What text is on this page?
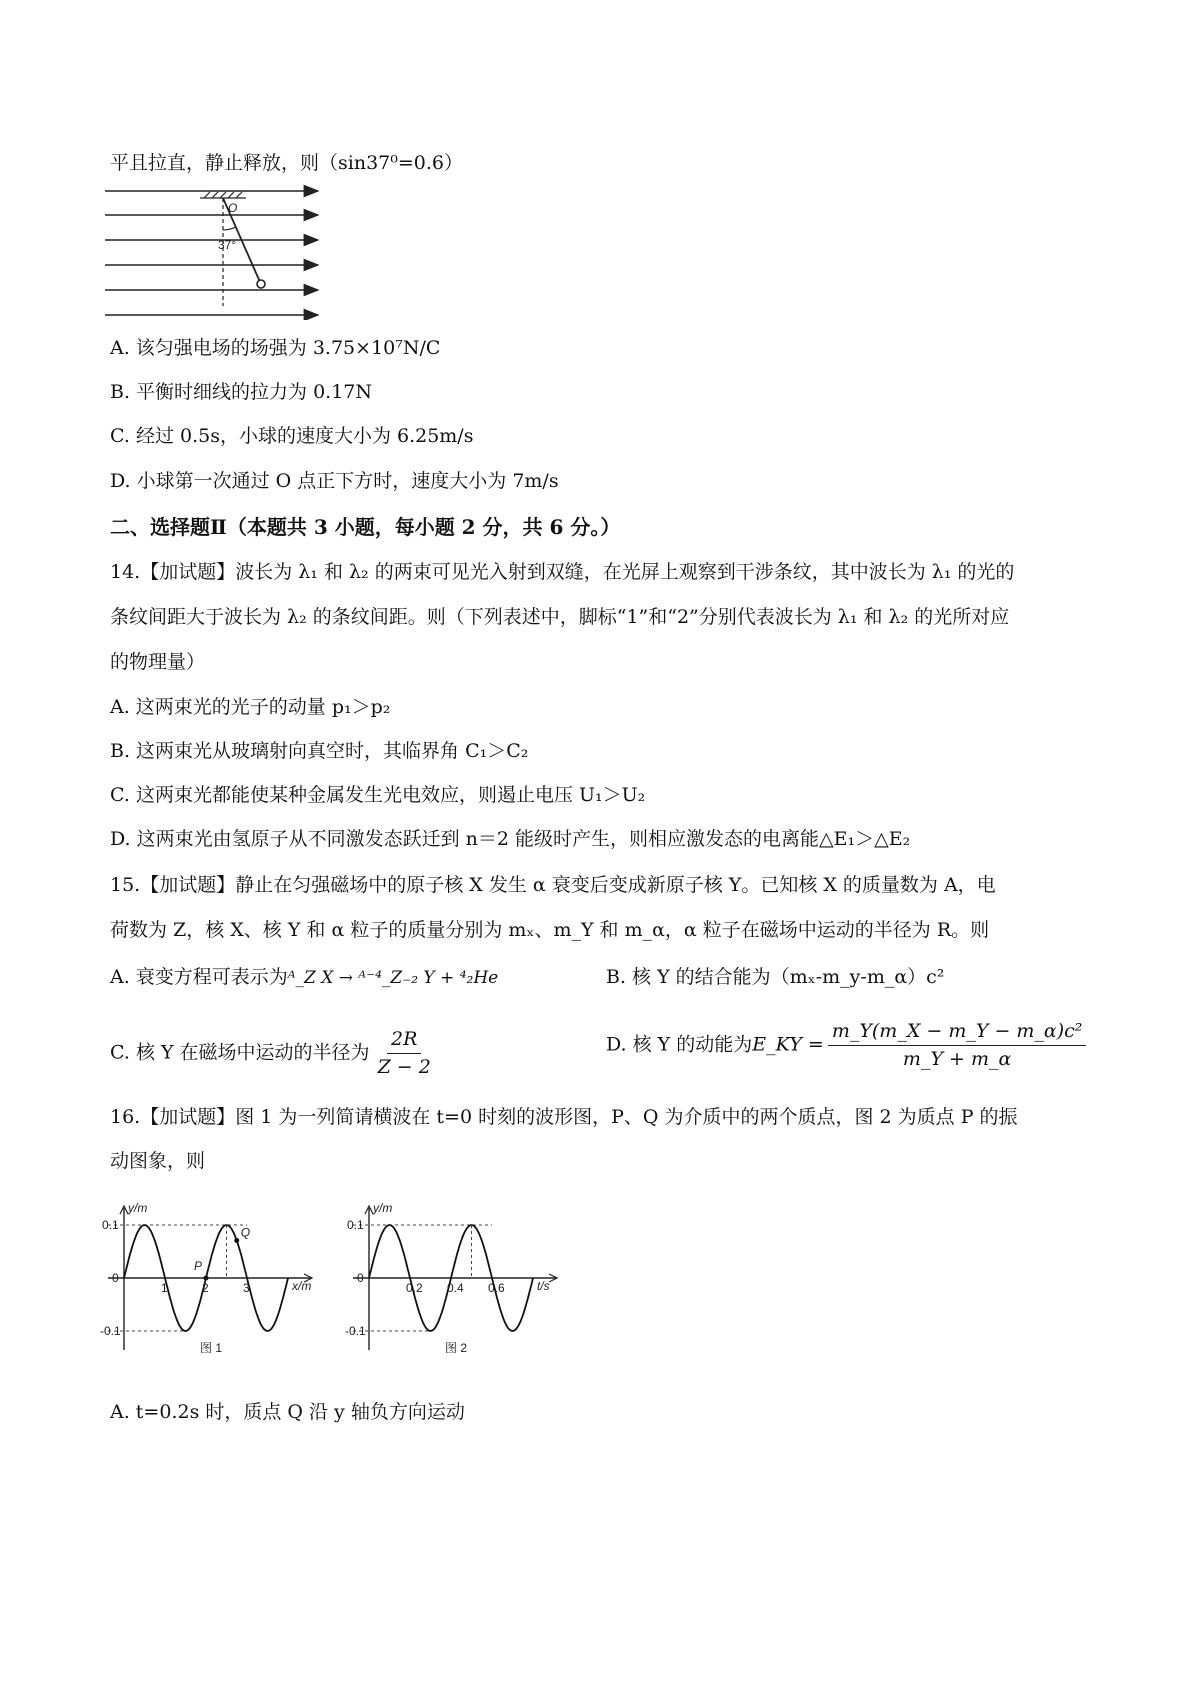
平且拉直，静止释放，则（sin37⁰=0.6）
O
37°
A. 该匀强电场的场强为 3.75×10⁷N/C
B. 平衡时细线的拉力为 0.17N
C. 经过 0.5s，小球的速度大小为 6.25m/s
D. 小球第一次通过 O 点正下方时，速度大小为 7m/s
二、选择题Ⅱ（本题共 3 小题，每小题 2 分，共 6 分。）
14.【加试题】波长为 λ₁ 和 λ₂ 的两束可见光入射到双缝，在光屏上观察到干涉条纹，其中波长为 λ₁ 的光的
条纹间距大于波长为 λ₂ 的条纹间距。则（下列表述中，脚标“1”和“2”分别代表波长为 λ₁ 和 λ₂ 的光所对应
的物理量）
A. 这两束光的光子的动量 p₁＞p₂
B. 这两束光从玻璃射向真空时，其临界角 C₁＞C₂
C. 这两束光都能使某种金属发生光电效应，则遏止电压 U₁＞U₂
D. 这两束光由氢原子从不同激发态跃迁到 n＝2 能级时产生，则相应激发态的电离能△E₁＞△E₂
15.【加试题】静止在匀强磁场中的原子核 X 发生 α 衰变后变成新原子核 Y。已知核 X 的质量数为 A，电
荷数为 Z，核 X、核 Y 和 α 粒子的质量分别为 mₓ、m_Y 和 m_α，α 粒子在磁场中运动的半径为 R。则
A. 衰变方程可表示为ᴬ_Z X → ᴬ⁻⁴_Z₋₂ Y + ⁴₂He	B. 核 Y 的结合能为（mₓ-m_y-m_α）c²
C. 核 Y 在磁场中运动的半径为 $\frac{2R}{Z - 2}$	D. 核 Y 的动能为E_KY = $\frac{\text{m\_Y(m\_X − m\_Y − m\_α)c²}}{m\_Y + m\_\alpha}$
16.【加试题】图 1 为一列简请横波在 t=0 时刻的波形图，P、Q 为介质中的两个质点，图 2 为质点 P 的振
动图象，则
0.1
0
-0.1
y/m
x/m
1	2	3
图 1
P
Q
0.1
0
-0.1
y/m
t/s
0.2 0.4 0.6
图 2
A. t=0.2s 时，质点 Q 沿 y 轴负方向运动
